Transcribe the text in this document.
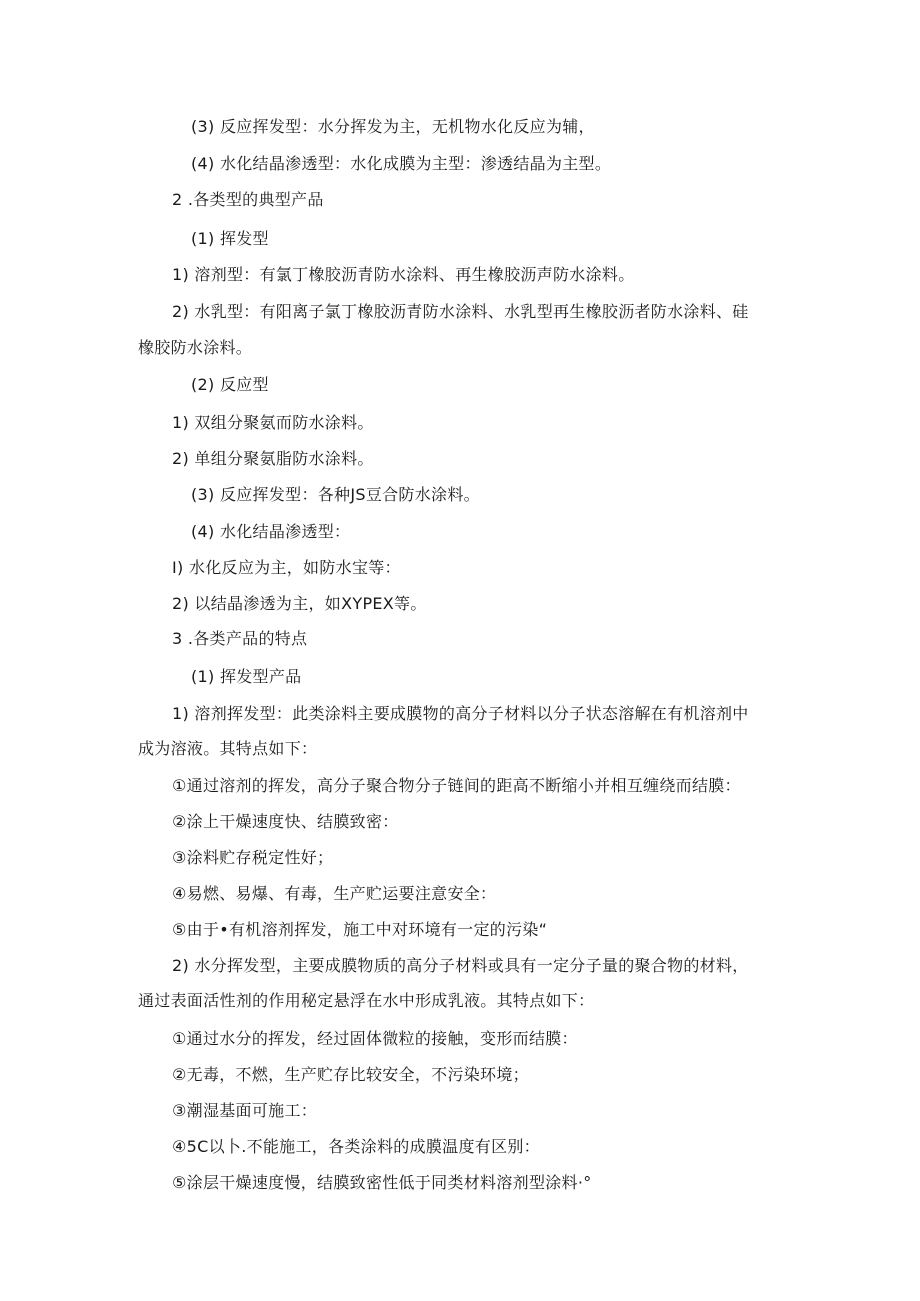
(3) 反应挥发型：水分挥发为主，无机物水化反应为辅，
(4) 水化结晶渗透型：水化成膜为主型：渗透结晶为主型。
2 .各类型的典型产品
(1) 挥发型
1) 溶剂型：有氯丁橡胶沥青防水涂料、再生橡胶沥声防水涂料。
2) 水乳型：有阳离子氯丁橡胶沥青防水涂料、水乳型再生橡胶沥者防水涂料、硅
橡胶防水涂料。
(2) 反应型
1) 双组分聚氨而防水涂料。
2) 单组分聚氨脂防水涂料。
(3) 反应挥发型：各种JS豆合防水涂料。
(4) 水化结晶渗透型：
I) 水化反应为主，如防水宝等：
2) 以结晶渗透为主，如XYPEX等。
3 .各类产品的特点
(1) 挥发型产品
1) 溶剂挥发型：此类涂料主要成膜物的高分子材料以分子状态溶解在有机溶剂中
成为溶液。其特点如下：
①通过溶剂的挥发，高分子聚合物分子链间的距高不断缩小并相互缠绕而结膜：
②涂上干燥速度快、结膜致密：
③涂料贮存税定性好；
④易燃、易爆、有毒，生产贮运要注意安全：
⑤由于•有机溶剂挥发，施工中对环境有一定的污染“
2) 水分挥发型，主要成膜物质的高分子材料或具有一定分子量的聚合物的材料，
通过表面活性剂的作用秘定悬浮在水中形成乳液。其特点如下：
①通过水分的挥发，经过固体微粒的接触，变形而结膜：
②无毒，不燃，生产贮存比较安全，不污染环境；
③潮湿基面可施工：
④5C以卜.不能施工，各类涂料的成膜温度有区别：
⑤涂层干燥速度慢，结膜致密性低于同类材料溶剂型涂料·°
